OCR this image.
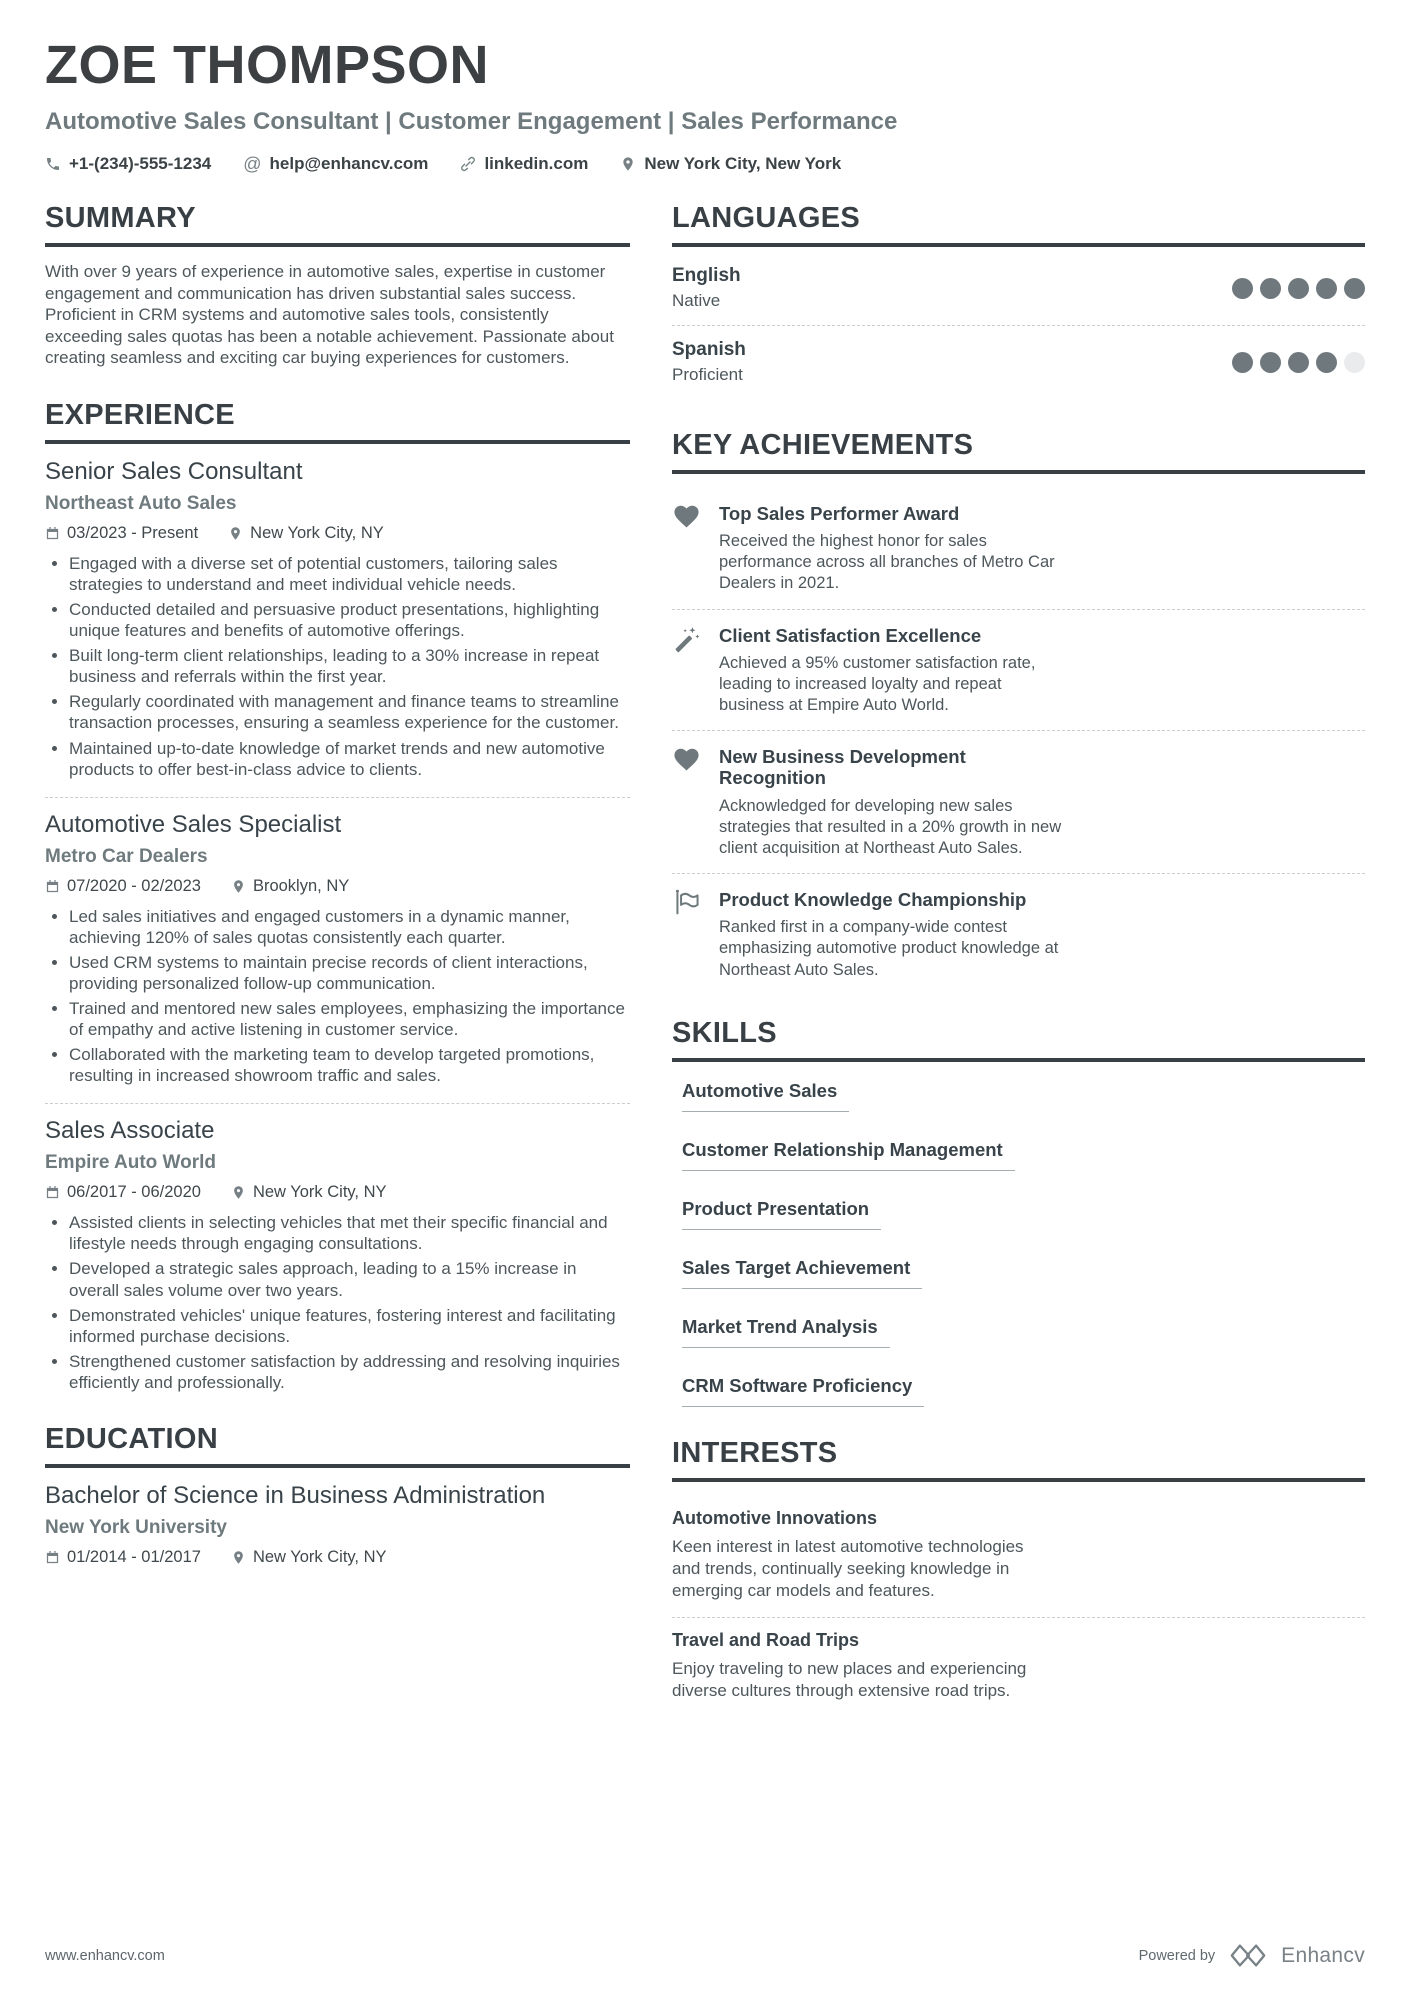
ZOE THOMPSON
Automotive Sales Consultant | Customer Engagement | Sales Performance
+1-(234)-555-1234 @ help@enhancv.com	linkedin.com	New York City, New York
SUMMARY

With over 9 years of experience in automotive sales, expertise in customer engagement and communication has driven substantial sales success. Proficient in CRM systems and automotive sales tools, consistently exceeding sales quotas has been a notable achievement. Passionate about creating seamless and exciting car buying experiences for customers.

EXPERIENCE
Senior Sales Consultant
Northeast Auto Sales
03/2023 - Present	New York City, NY
• Engaged with a diverse set of potential customers, tailoring sales strategies to understand and meet individual vehicle needs.
• Conducted detailed and persuasive product presentations, highlighting unique features and benefits of automotive offerings.
• Built long-term client relationships, leading to a 30% increase in repeat business and referrals within the first year.
• Regularly coordinated with management and finance teams to streamline transaction processes, ensuring a seamless experience for the customer.
• Maintained up-to-date knowledge of market trends and new automotive products to offer best-in-class advice to clients.
Automotive Sales Specialist
Metro Car Dealers
07/2020 - 02/2023	Brooklyn, NY
• Led sales initiatives and engaged customers in a dynamic manner, achieving 120% of sales quotas consistently each quarter.
• Used CRM systems to maintain precise records of client interactions, providing personalized follow-up communication.
• Trained and mentored new sales employees, emphasizing the importance of empathy and active listening in customer service.
• Collaborated with the marketing team to develop targeted promotions, resulting in increased showroom traffic and sales.
Sales Associate
Empire Auto World
06/2017 - 06/2020	New York City, NY
• Assisted clients in selecting vehicles that met their specific financial and lifestyle needs through engaging consultations.
• Developed a strategic sales approach, leading to a 15% increase in overall sales volume over two years.
• Demonstrated vehicles' unique features, fostering interest and facilitating informed purchase decisions.
• Strengthened customer satisfaction by addressing and resolving inquiries efficiently and professionally.
EDUCATION
Bachelor of Science in Business Administration
New York University
01/2014 - 01/2017	New York City, NY
LANGUAGES
English
Native
Spanish
Proficient
KEY ACHIEVEMENTS
Top Sales Performer Award

Received the highest honor for sales performance across all branches of Metro Car Dealers in 2021.

Client Satisfaction Excellence

Achieved a 95% customer satisfaction rate, leading to increased loyalty and repeat business at Empire Auto World.

New Business Development Recognition

Acknowledged for developing new sales strategies that resulted in a 20% growth in new client acquisition at Northeast Auto Sales.

Product Knowledge Championship

Ranked first in a company-wide contest emphasizing automotive product knowledge at Northeast Auto Sales.

SKILLS
Automotive Sales
Customer Relationship Management
Product Presentation
Sales Target Achievement
Market Trend Analysis
CRM Software Proficiency
INTERESTS
Automotive Innovations

Keen interest in latest automotive technologies and trends, continually seeking knowledge in emerging car models and features.

Travel and Road Trips

Enjoy traveling to new places and experiencing diverse cultures through extensive road trips.

www.enhancv.com	Powered by	Enhancv
